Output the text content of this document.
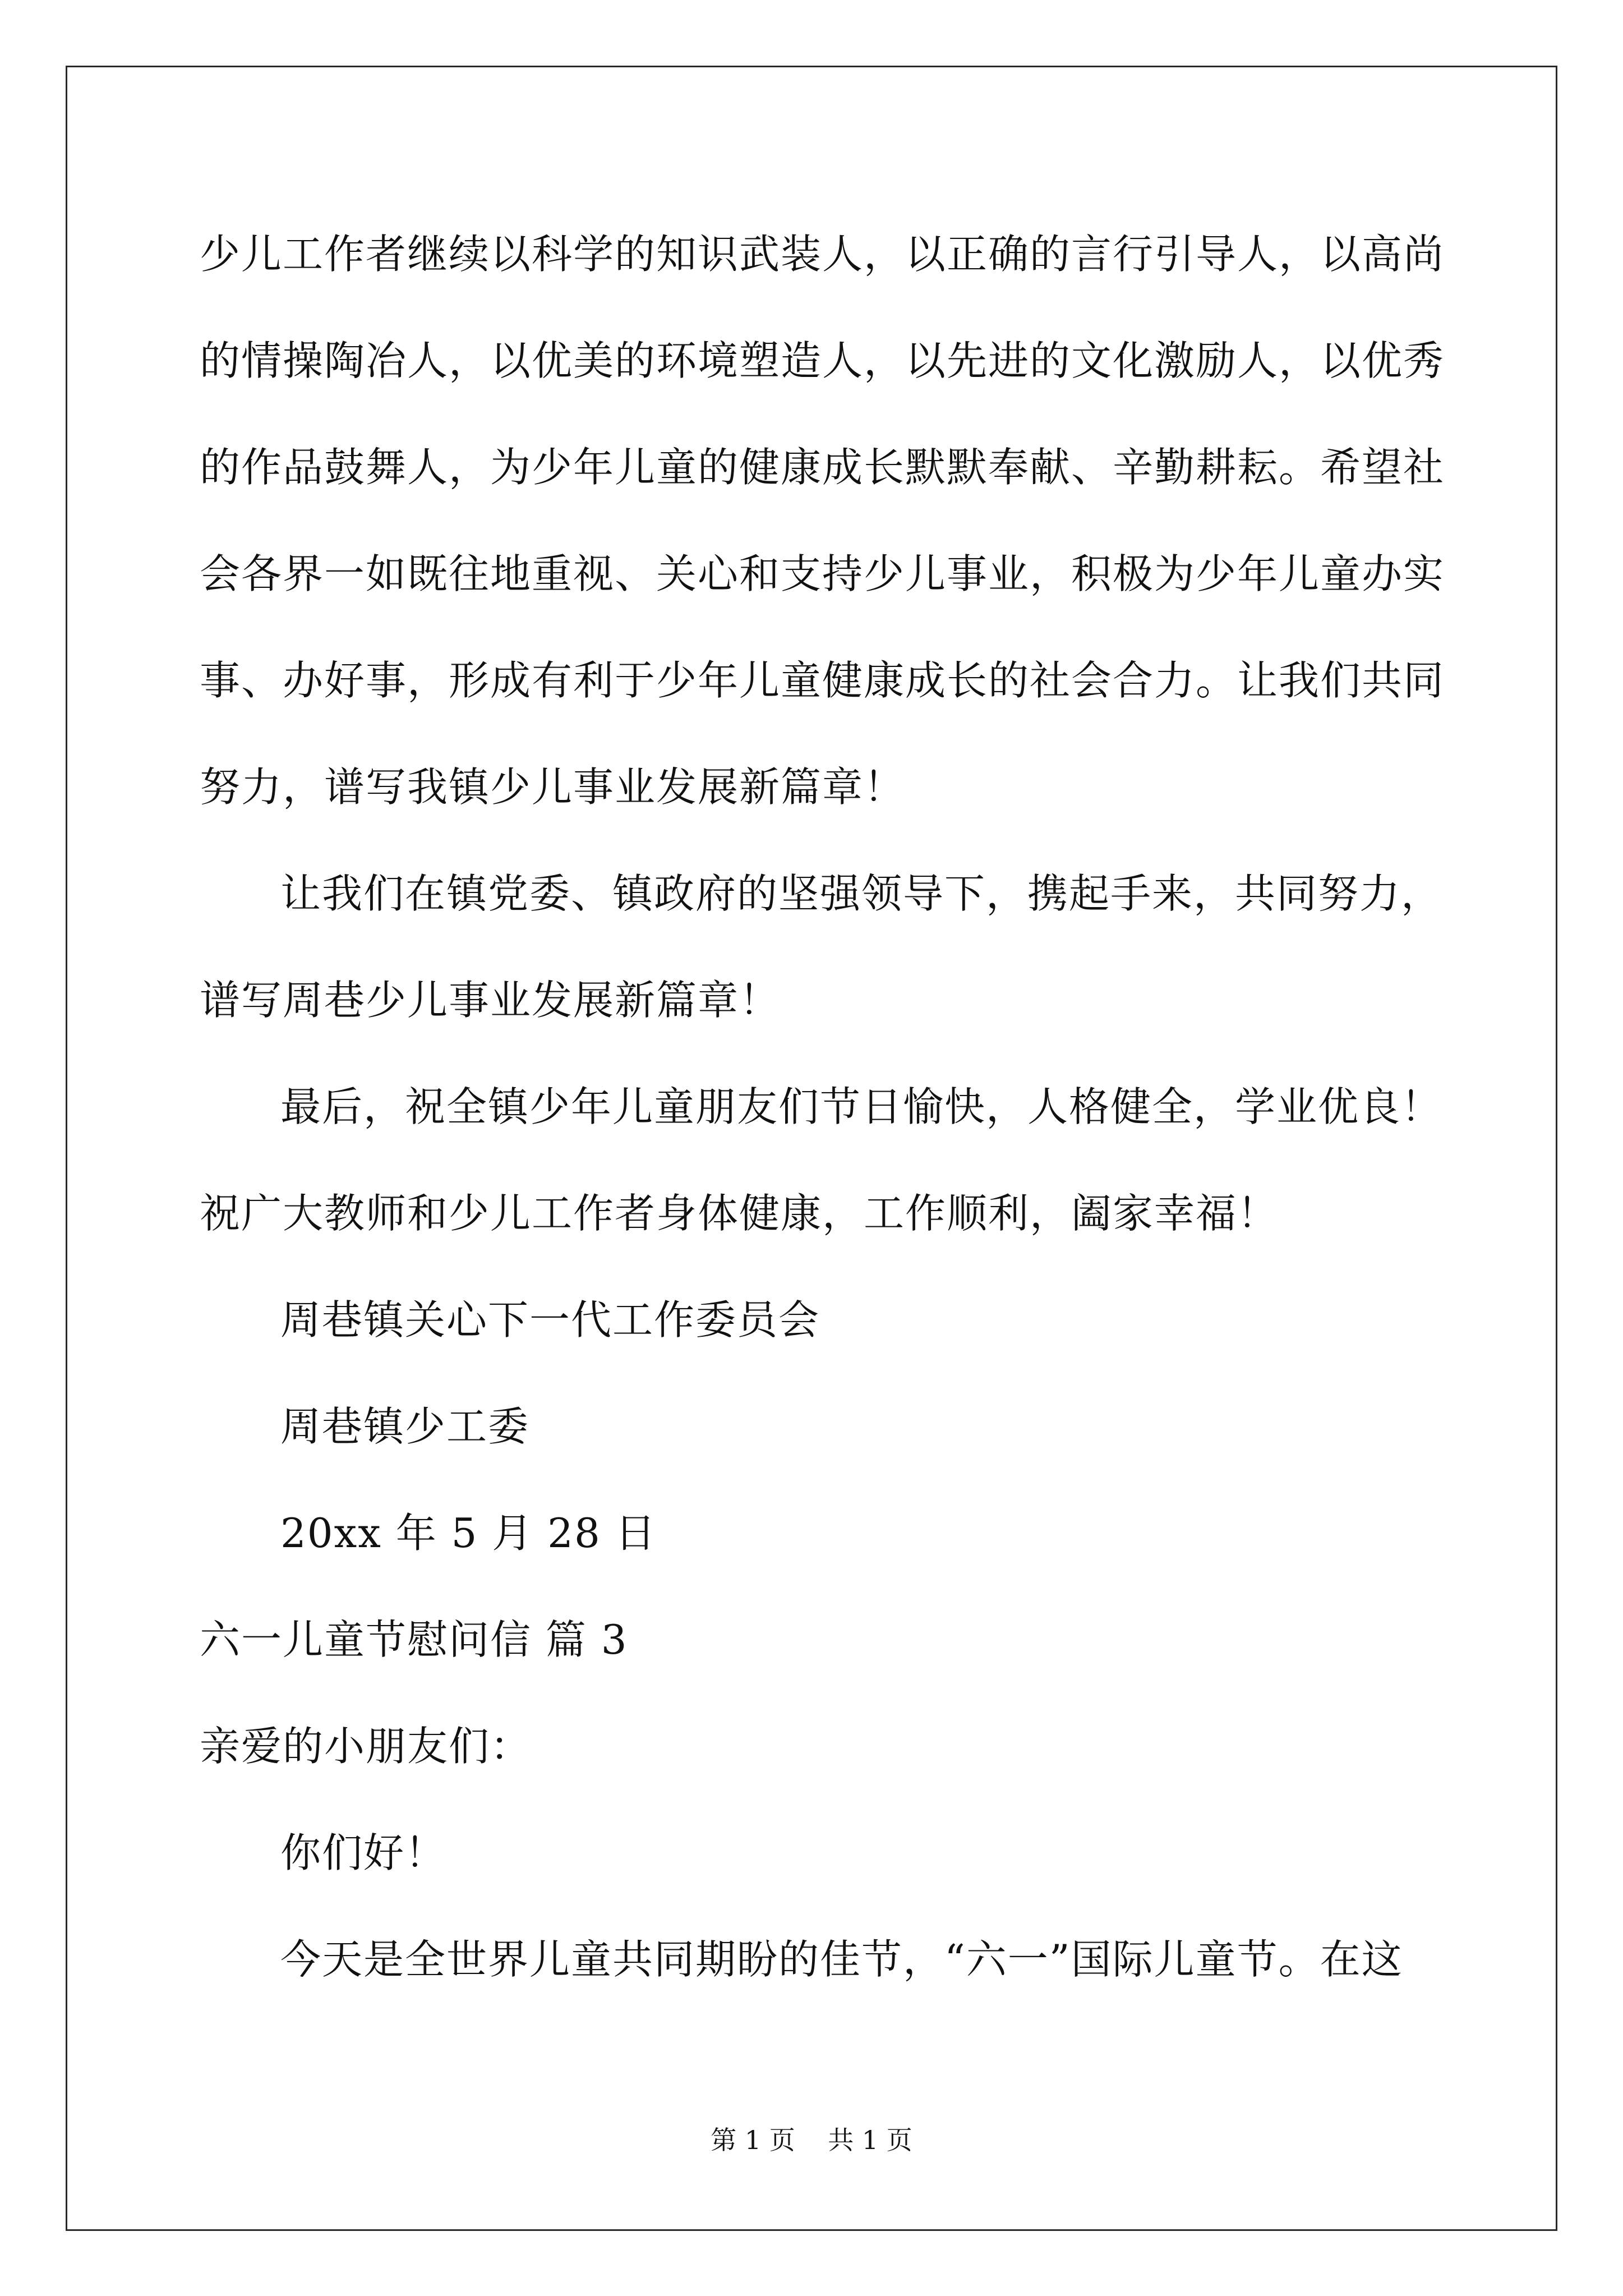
少儿工作者继续以科学的知识武装人，以正确的言行引导人，以高尚
的情操陶冶人，以优美的环境塑造人，以先进的文化激励人，以优秀
的作品鼓舞人，为少年儿童的健康成长默默奉献、辛勤耕耘。希望社
会各界一如既往地重视、关心和支持少儿事业，积极为少年儿童办实
事、办好事，形成有利于少年儿童健康成长的社会合力。让我们共同
努力，谱写我镇少儿事业发展新篇章！
让我们在镇党委、镇政府的坚强领导下，携起手来，共同努力，
谱写周巷少儿事业发展新篇章！
最后，祝全镇少年儿童朋友们节日愉快，人格健全，学业优良！
祝广大教师和少儿工作者身体健康，工作顺利，阖家幸福！
周巷镇关心下一代工作委员会
周巷镇少工委
20xx 年 5 月 28 日
六一儿童节慰问信 篇 3
亲爱的小朋友们：
你们好！
今天是全世界儿童共同期盼的佳节，“六一”国际儿童节。在这
第 1 页    共 1 页
